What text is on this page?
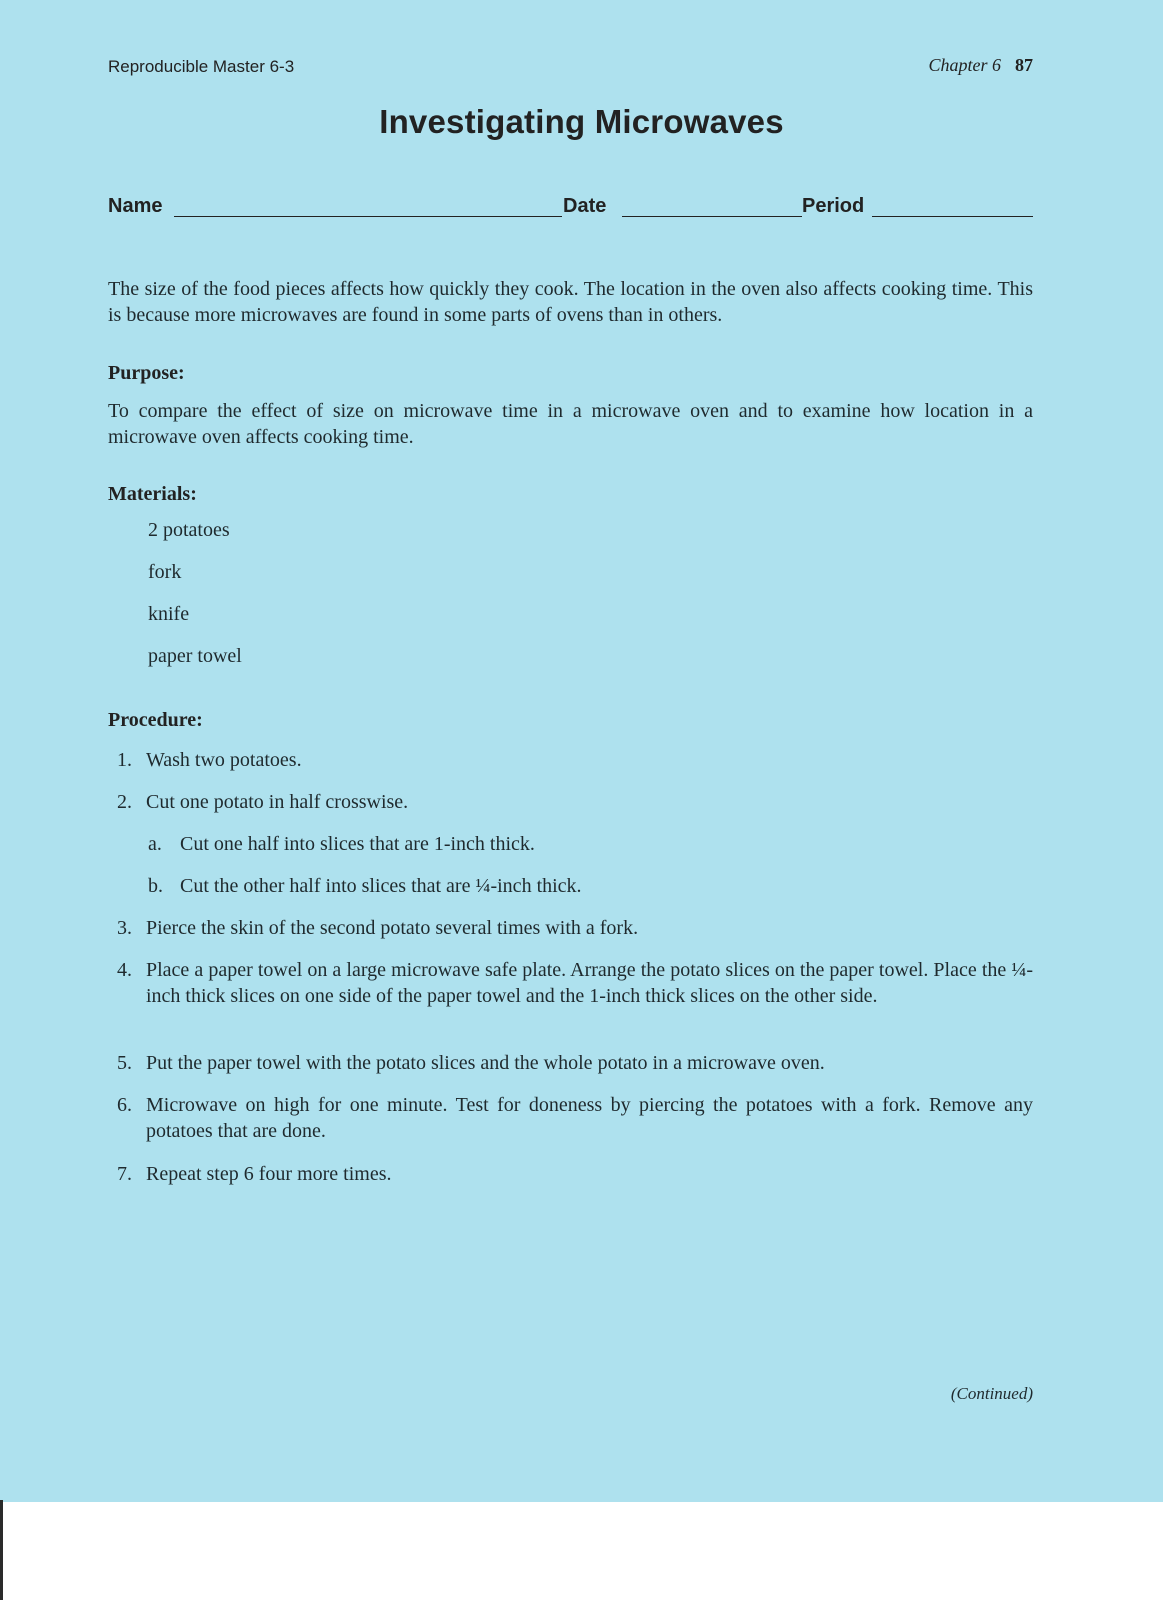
Reproducible Master 6-3	Chapter 6 87
Investigating Microwaves
Name	Date	Period
The size of the food pieces affects how quickly they cook. The location in the oven also affects cooking time. This is because more microwaves are found in some parts of ovens than in others.
Purpose:
To compare the effect of size on microwave time in a microwave oven and to examine how location in a microwave oven affects cooking time.
Materials:
2 potatoes
fork
knife
paper towel
Procedure:
1. Wash two potatoes.
2. Cut one potato in half crosswise.
a. Cut one half into slices that are 1-inch thick.
b. Cut the other half into slices that are ¼-inch thick.
3. Pierce the skin of the second potato several times with a fork.
4. Place a paper towel on a large microwave safe plate. Arrange the potato slices on the paper towel. Place the ¼-inch thick slices on one side of the paper towel and the 1-inch thick slices on the other side.
5. Put the paper towel with the potato slices and the whole potato in a microwave oven.
6. Microwave on high for one minute. Test for doneness by piercing the potatoes with a fork. Remove any potatoes that are done.
7. Repeat step 6 four more times.
(Continued)
